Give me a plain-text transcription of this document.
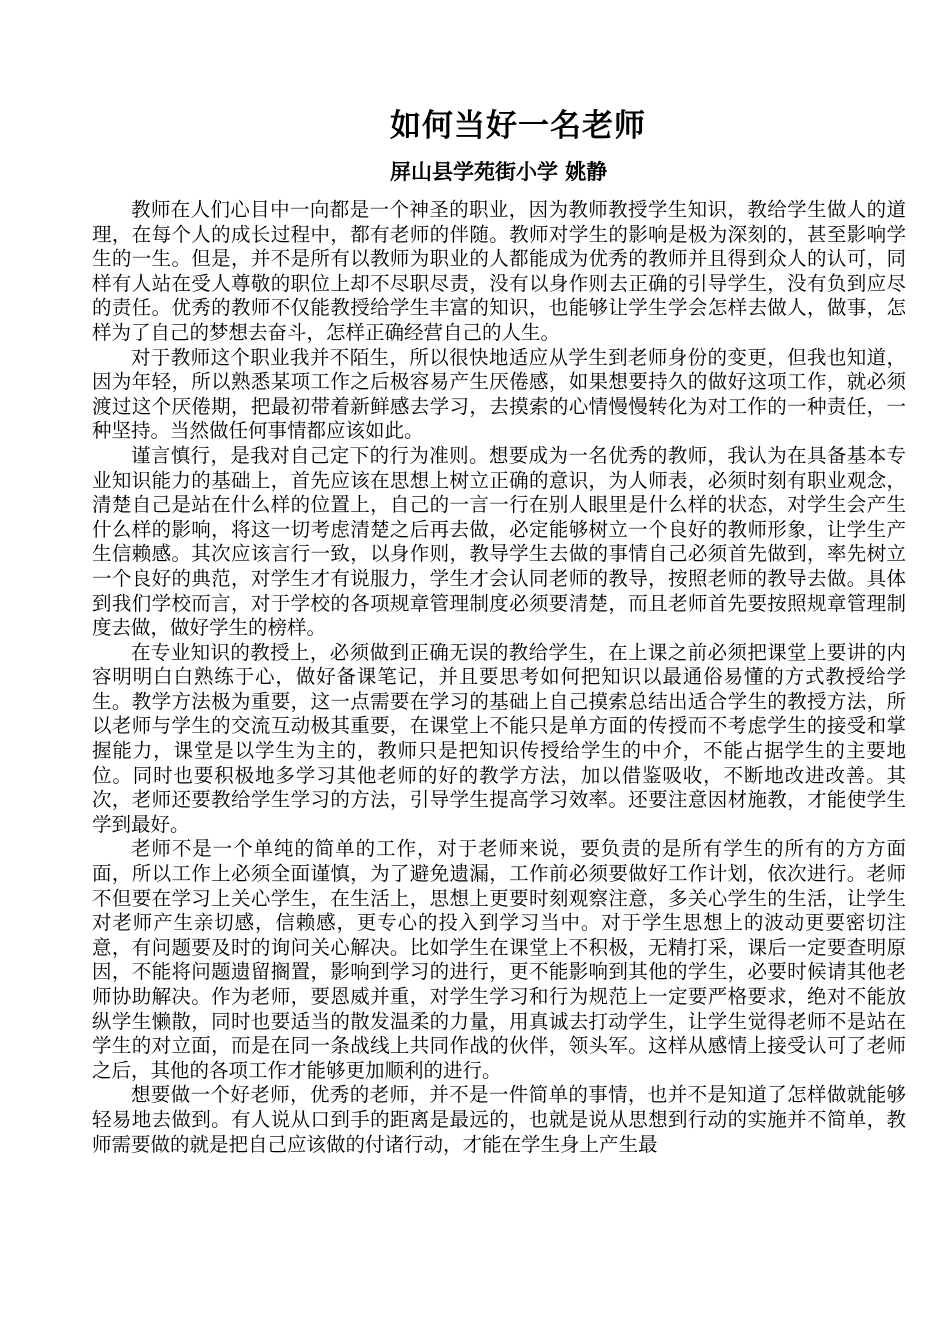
如何当好一名老师
屏山县学苑街小学 姚静

教师在人们心目中一向都是一个神圣的职业，因为教师教授学生知识，教给学生做人的道理，在每个人的成长过程中，都有老师的伴随。教师对学生的影响是极为深刻的，甚至影响学生的一生。但是，并不是所有以教师为职业的人都能成为优秀的教师并且得到众人的认可，同样有人站在受人尊敬的职位上却不尽职尽责，没有以身作则去正确的引导学生，没有负到应尽的责任。优秀的教师不仅能教授给学生丰富的知识，也能够让学生学会怎样去做人，做事，怎样为了自己的梦想去奋斗，怎样正确经营自己的人生。

对于教师这个职业我并不陌生，所以很快地适应从学生到老师身份的变更，但我也知道，因为年轻，所以熟悉某项工作之后极容易产生厌倦感，如果想要持久的做好这项工作，就必须渡过这个厌倦期，把最初带着新鲜感去学习，去摸索的心情慢慢转化为对工作的一种责任，一种坚持。当然做任何事情都应该如此。

谨言慎行，是我对自己定下的行为准则。想要成为一名优秀的教师，我认为在具备基本专业知识能力的基础上，首先应该在思想上树立正确的意识，为人师表，必须时刻有职业观念，清楚自己是站在什么样的位置上，自己的一言一行在别人眼里是什么样的状态，对学生会产生什么样的影响，将这一切考虑清楚之后再去做，必定能够树立一个良好的教师形象，让学生产生信赖感。其次应该言行一致，以身作则，教导学生去做的事情自己必须首先做到，率先树立一个良好的典范，对学生才有说服力，学生才会认同老师的教导，按照老师的教导去做。具体到我们学校而言，对于学校的各项规章管理制度必须要清楚，而且老师首先要按照规章管理制度去做，做好学生的榜样。

在专业知识的教授上，必须做到正确无误的教给学生，在上课之前必须把课堂上要讲的内容明明白白熟练于心，做好备课笔记，并且要思考如何把知识以最通俗易懂的方式教授给学生。教学方法极为重要，这一点需要在学习的基础上自己摸索总结出适合学生的教授方法，所以老师与学生的交流互动极其重要，在课堂上不能只是单方面的传授而不考虑学生的接受和掌握能力，课堂是以学生为主的，教师只是把知识传授给学生的中介，不能占据学生的主要地位。同时也要积极地多学习其他老师的好的教学方法，加以借鉴吸收，不断地改进改善。其次，老师还要教给学生学习的方法，引导学生提高学习效率。还要注意因材施教，才能使学生学到最好。

老师不是一个单纯的简单的工作，对于老师来说，要负责的是所有学生的所有的方方面面，所以工作上必须全面谨慎，为了避免遗漏，工作前必须要做好工作计划，依次进行。老师不但要在学习上关心学生，在生活上，思想上更要时刻观察注意，多关心学生的生活，让学生对老师产生亲切感，信赖感，更专心的投入到学习当中。对于学生思想上的波动更要密切注意，有问题要及时的询问关心解决。比如学生在课堂上不积极，无精打采，课后一定要查明原因，不能将问题遗留搁置，影响到学习的进行，更不能影响到其他的学生，必要时候请其他老师协助解决。作为老师，要恩威并重，对学生学习和行为规范上一定要严格要求，绝对不能放纵学生懒散，同时也要适当的散发温柔的力量，用真诚去打动学生，让学生觉得老师不是站在学生的对立面，而是在同一条战线上共同作战的伙伴，领头军。这样从感情上接受认可了老师之后，其他的各项工作才能够更加顺利的进行。

想要做一个好老师，优秀的老师，并不是一件简单的事情，也并不是知道了怎样做就能够轻易地去做到。有人说从口到手的距离是最远的，也就是说从思想到行动的实施并不简单，教师需要做的就是把自己应该做的付诸行动，才能在学生身上产生最
